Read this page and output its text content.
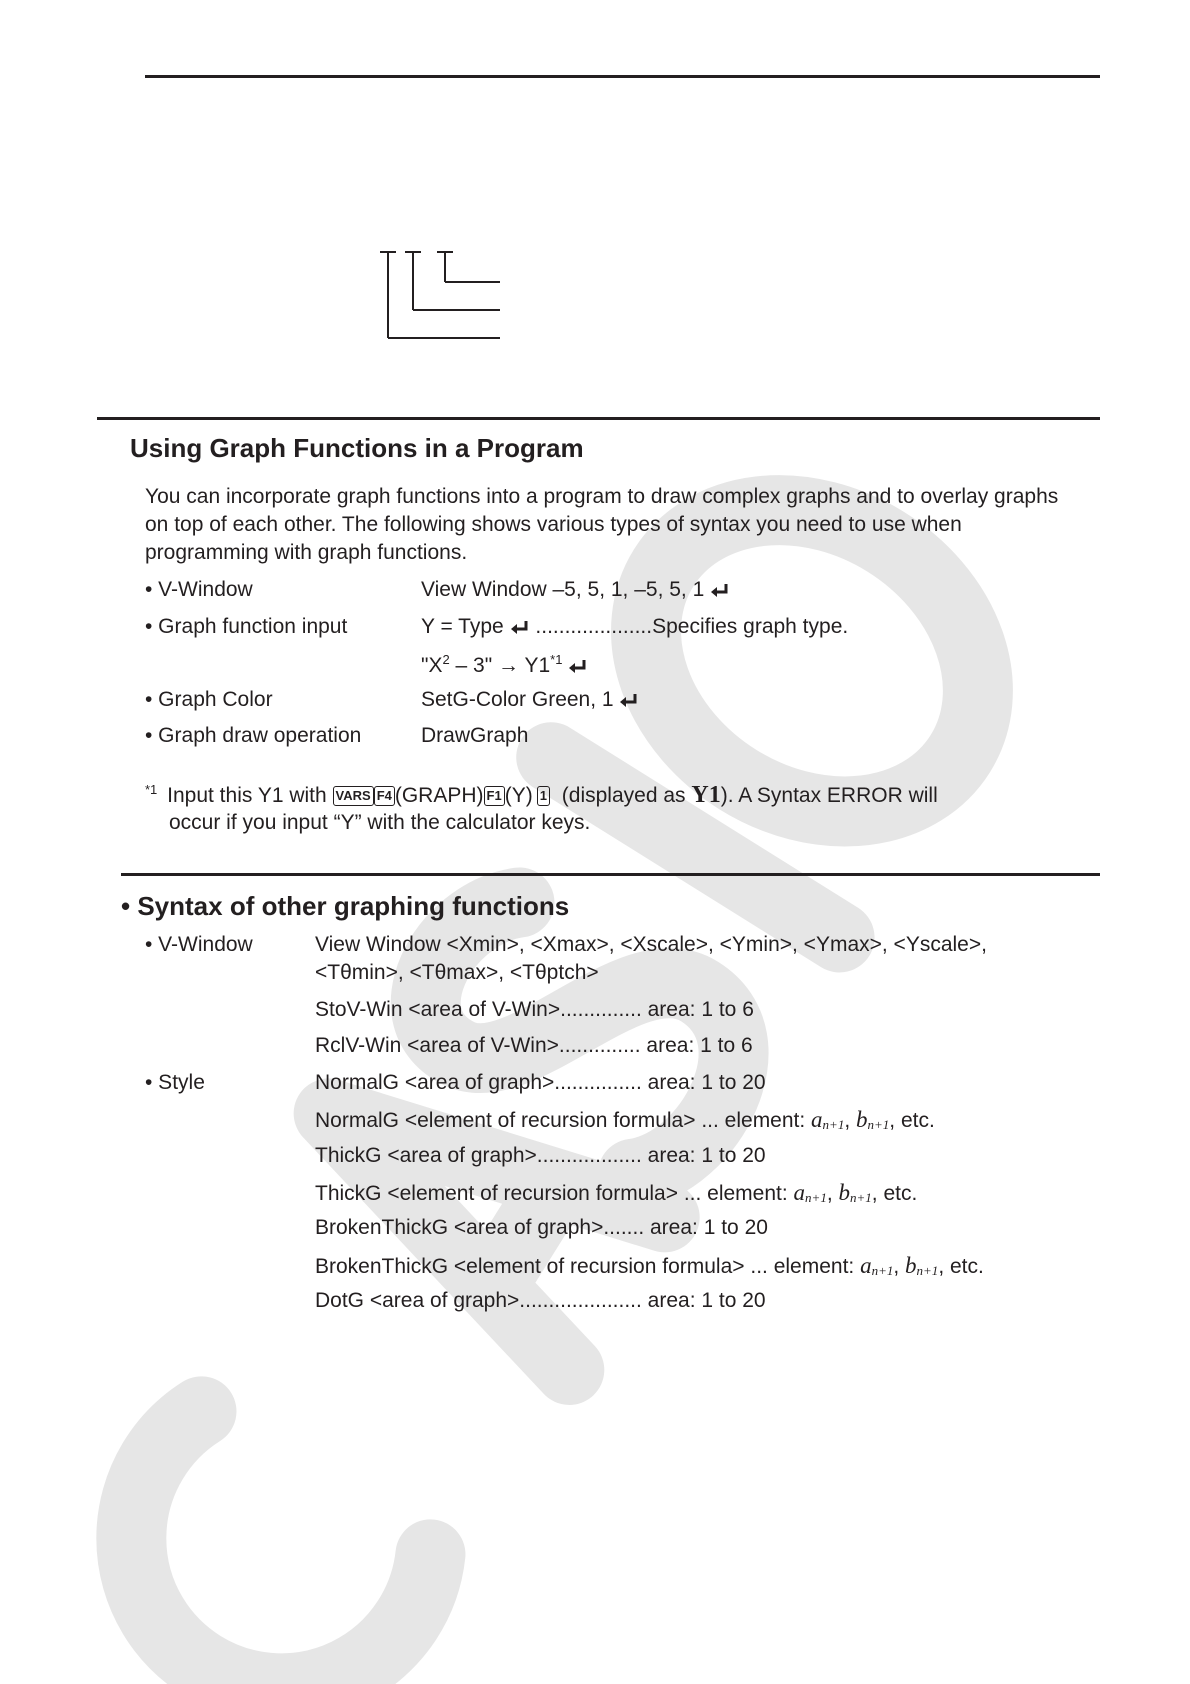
Using Graph Functions in a Program
You can incorporate graph functions into a program to draw complex graphs and to overlay graphs on top of each other. The following shows various types of syntax you need to use when programming with graph functions.
• V-Window	View Window –5, 5, 1, –5, 5, 1
• Graph function input	Y = Type ....................Specifies graph type.
"$X^2 - 3$" → $Y1^{*1}$
• Graph Color	SetG-Color Green, 1
• Graph draw operation	DrawGraph
$^{*1}$ Input this Y1 with VARS F4 (GRAPH) F1 (Y) 1 (displayed as Y1). A Syntax ERROR will
occur if you input “Y” with the calculator keys.
• Syntax of other graphing functions
• V-Window	View Window <Xmin>, <Xmax>, <Xscale>, <Ymin>, <Ymax>, <Yscale>,
<Tθmin>, <Tθmax>, <Tθptch>
StoV-Win <area of V-Win>.............. area: 1 to 6
RclV-Win <area of V-Win>.............. area: 1 to 6
• Style	NormalG <area of graph>............... area: 1 to 20
NormalG <element of recursion formula> ... element: an+1, bn+1, etc.
ThickG <area of graph>.................. area: 1 to 20
ThickG <element of recursion formula> ... element: an+1, bn+1, etc.
BrokenThickG <area of graph>....... area: 1 to 20
BrokenThickG <element of recursion formula> ... element: an+1, bn+1, etc.
DotG <area of graph>..................... area: 1 to 20
